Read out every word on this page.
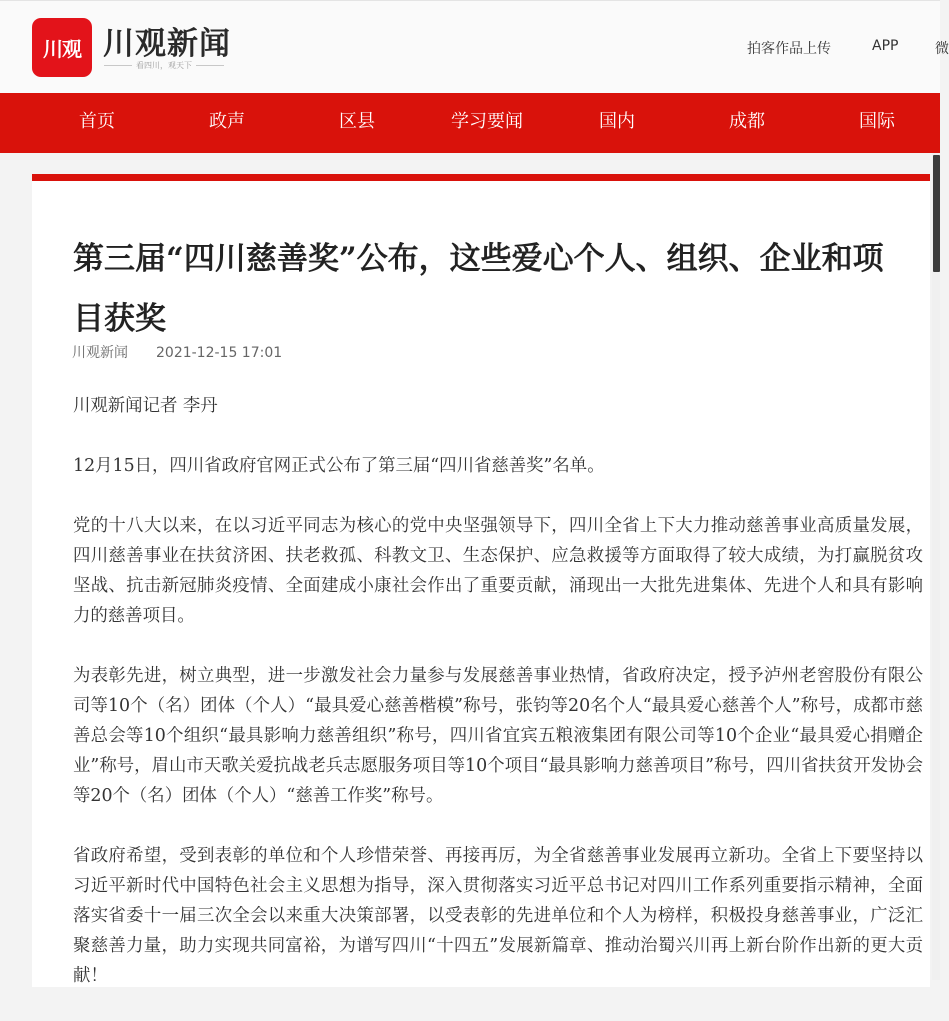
川观 川观新闻
看四川，观天下
拍客作品上传	APP	微
首页	政声	区县	学习要闻	国内	成都	国际
第三届“四川慈善奖”公布，这些爱心个人、组织、企业和项目获奖
川观新闻 2021-12-15 17:01

川观新闻记者 李丹

12月15日，四川省政府官网正式公布了第三届“四川省慈善奖”名单。

党的十八大以来，在以习近平同志为核心的党中央坚强领导下，四川全省上下大力推动慈善事业高质量发展，四川慈善事业在扶贫济困、扶老救孤、科教文卫、生态保护、应急救援等方面取得了较大成绩，为打赢脱贫攻坚战、抗击新冠肺炎疫情、全面建成小康社会作出了重要贡献，涌现出一大批先进集体、先进个人和具有影响力的慈善项目。

为表彰先进，树立典型，进一步激发社会力量参与发展慈善事业热情，省政府决定，授予泸州老窖股份有限公司等10个（名）团体（个人）“最具爱心慈善楷模”称号，张钧等20名个人“最具爱心慈善个人”称号，成都市慈善总会等10个组织“最具影响力慈善组织”称号，四川省宜宾五粮液集团有限公司等10个企业“最具爱心捐赠企业”称号，眉山市天歌关爱抗战老兵志愿服务项目等10个项目“最具影响力慈善项目”称号，四川省扶贫开发协会等20个（名）团体（个人）“慈善工作奖”称号。

省政府希望，受到表彰的单位和个人珍惜荣誉、再接再厉，为全省慈善事业发展再立新功。全省上下要坚持以习近平新时代中国特色社会主义思想为指导，深入贯彻落实习近平总书记对四川工作系列重要指示精神，全面落实省委十一届三次全会以来重大决策部署，以受表彰的先进单位和个人为榜样，积极投身慈善事业，广泛汇聚慈善力量，助力实现共同富裕，为谱写四川“十四五”发展新篇章、推动治蜀兴川再上新台阶作出新的更大贡献！
